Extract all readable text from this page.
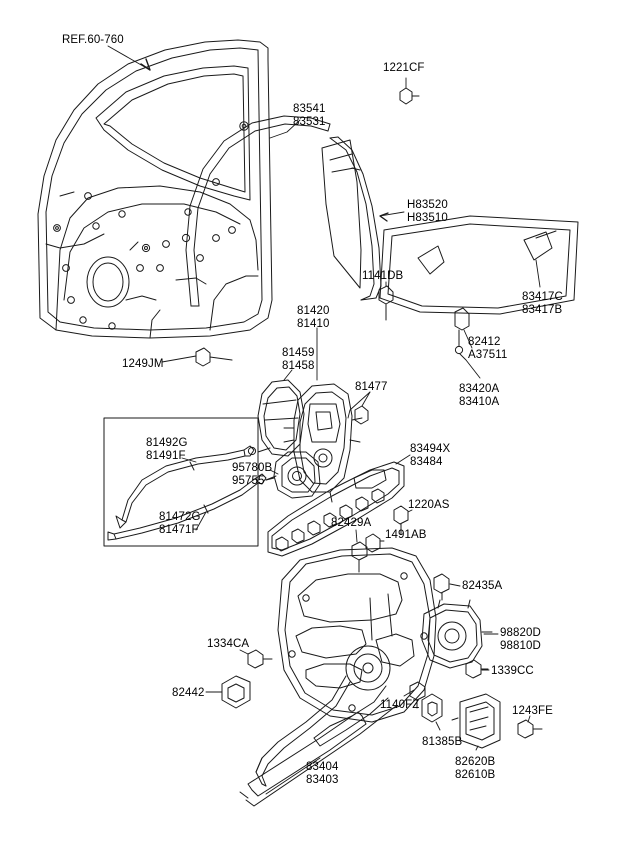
REF.60-760
83541
83531
1221CF
H83520
H83510
1141DB
83417C
83417B
82412
A37511
83420A
83410A
81420
81410
81459
81458
1249JM
81477
81492G
81491F
95780B
95755
83494X
83484
81472G
81471F
1220AS
82429A
1491AB
82435A
98820D
98810D
1339CC
1334CA
82442
1140FZ	1243FE
81385B
82620B
82610B
83404
83403
